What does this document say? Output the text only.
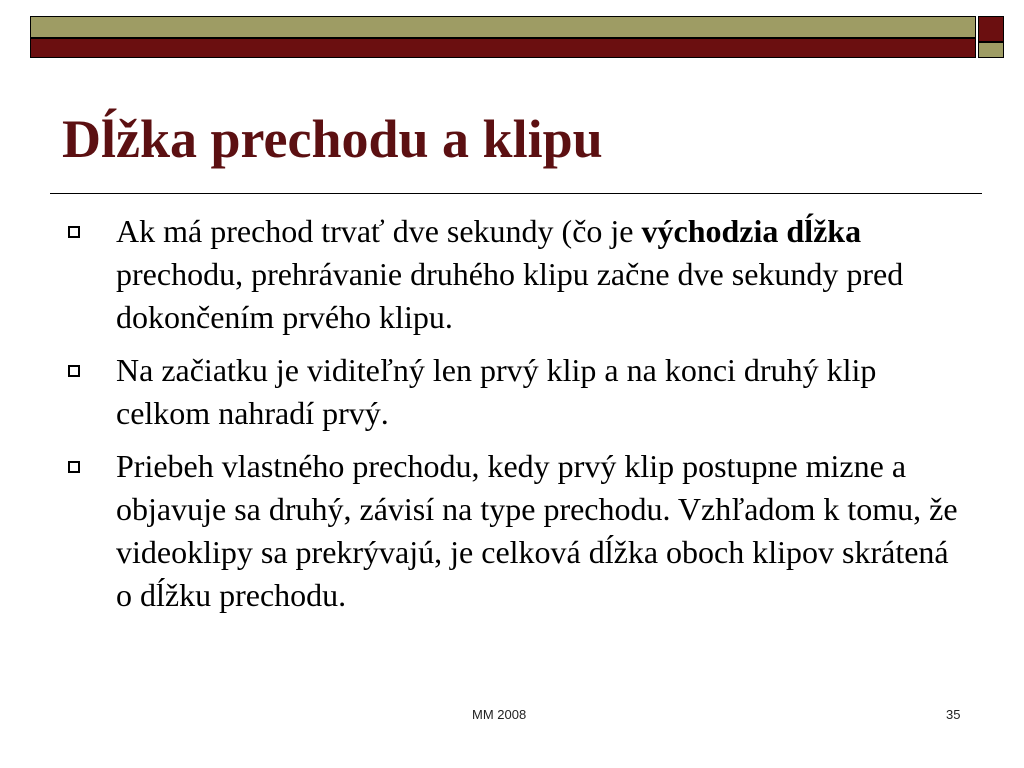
Dĺžka prechodu a klipu
Ak má prechod trvať dve sekundy (čo je východzia dĺžka prechodu, prehrávanie druhého klipu začne dve sekundy pred dokončením prvého klipu.
Na začiatku je viditeľný len prvý klip a na konci druhý klip celkom nahradí prvý.
Priebeh vlastného prechodu, kedy prvý klip postupne mizne a objavuje sa druhý, závisí na type prechodu. Vzhľadom k tomu, že videoklipy sa prekrývajú, je celková dĺžka oboch klipov skrátená o dĺžku prechodu.
MM 2008	35
